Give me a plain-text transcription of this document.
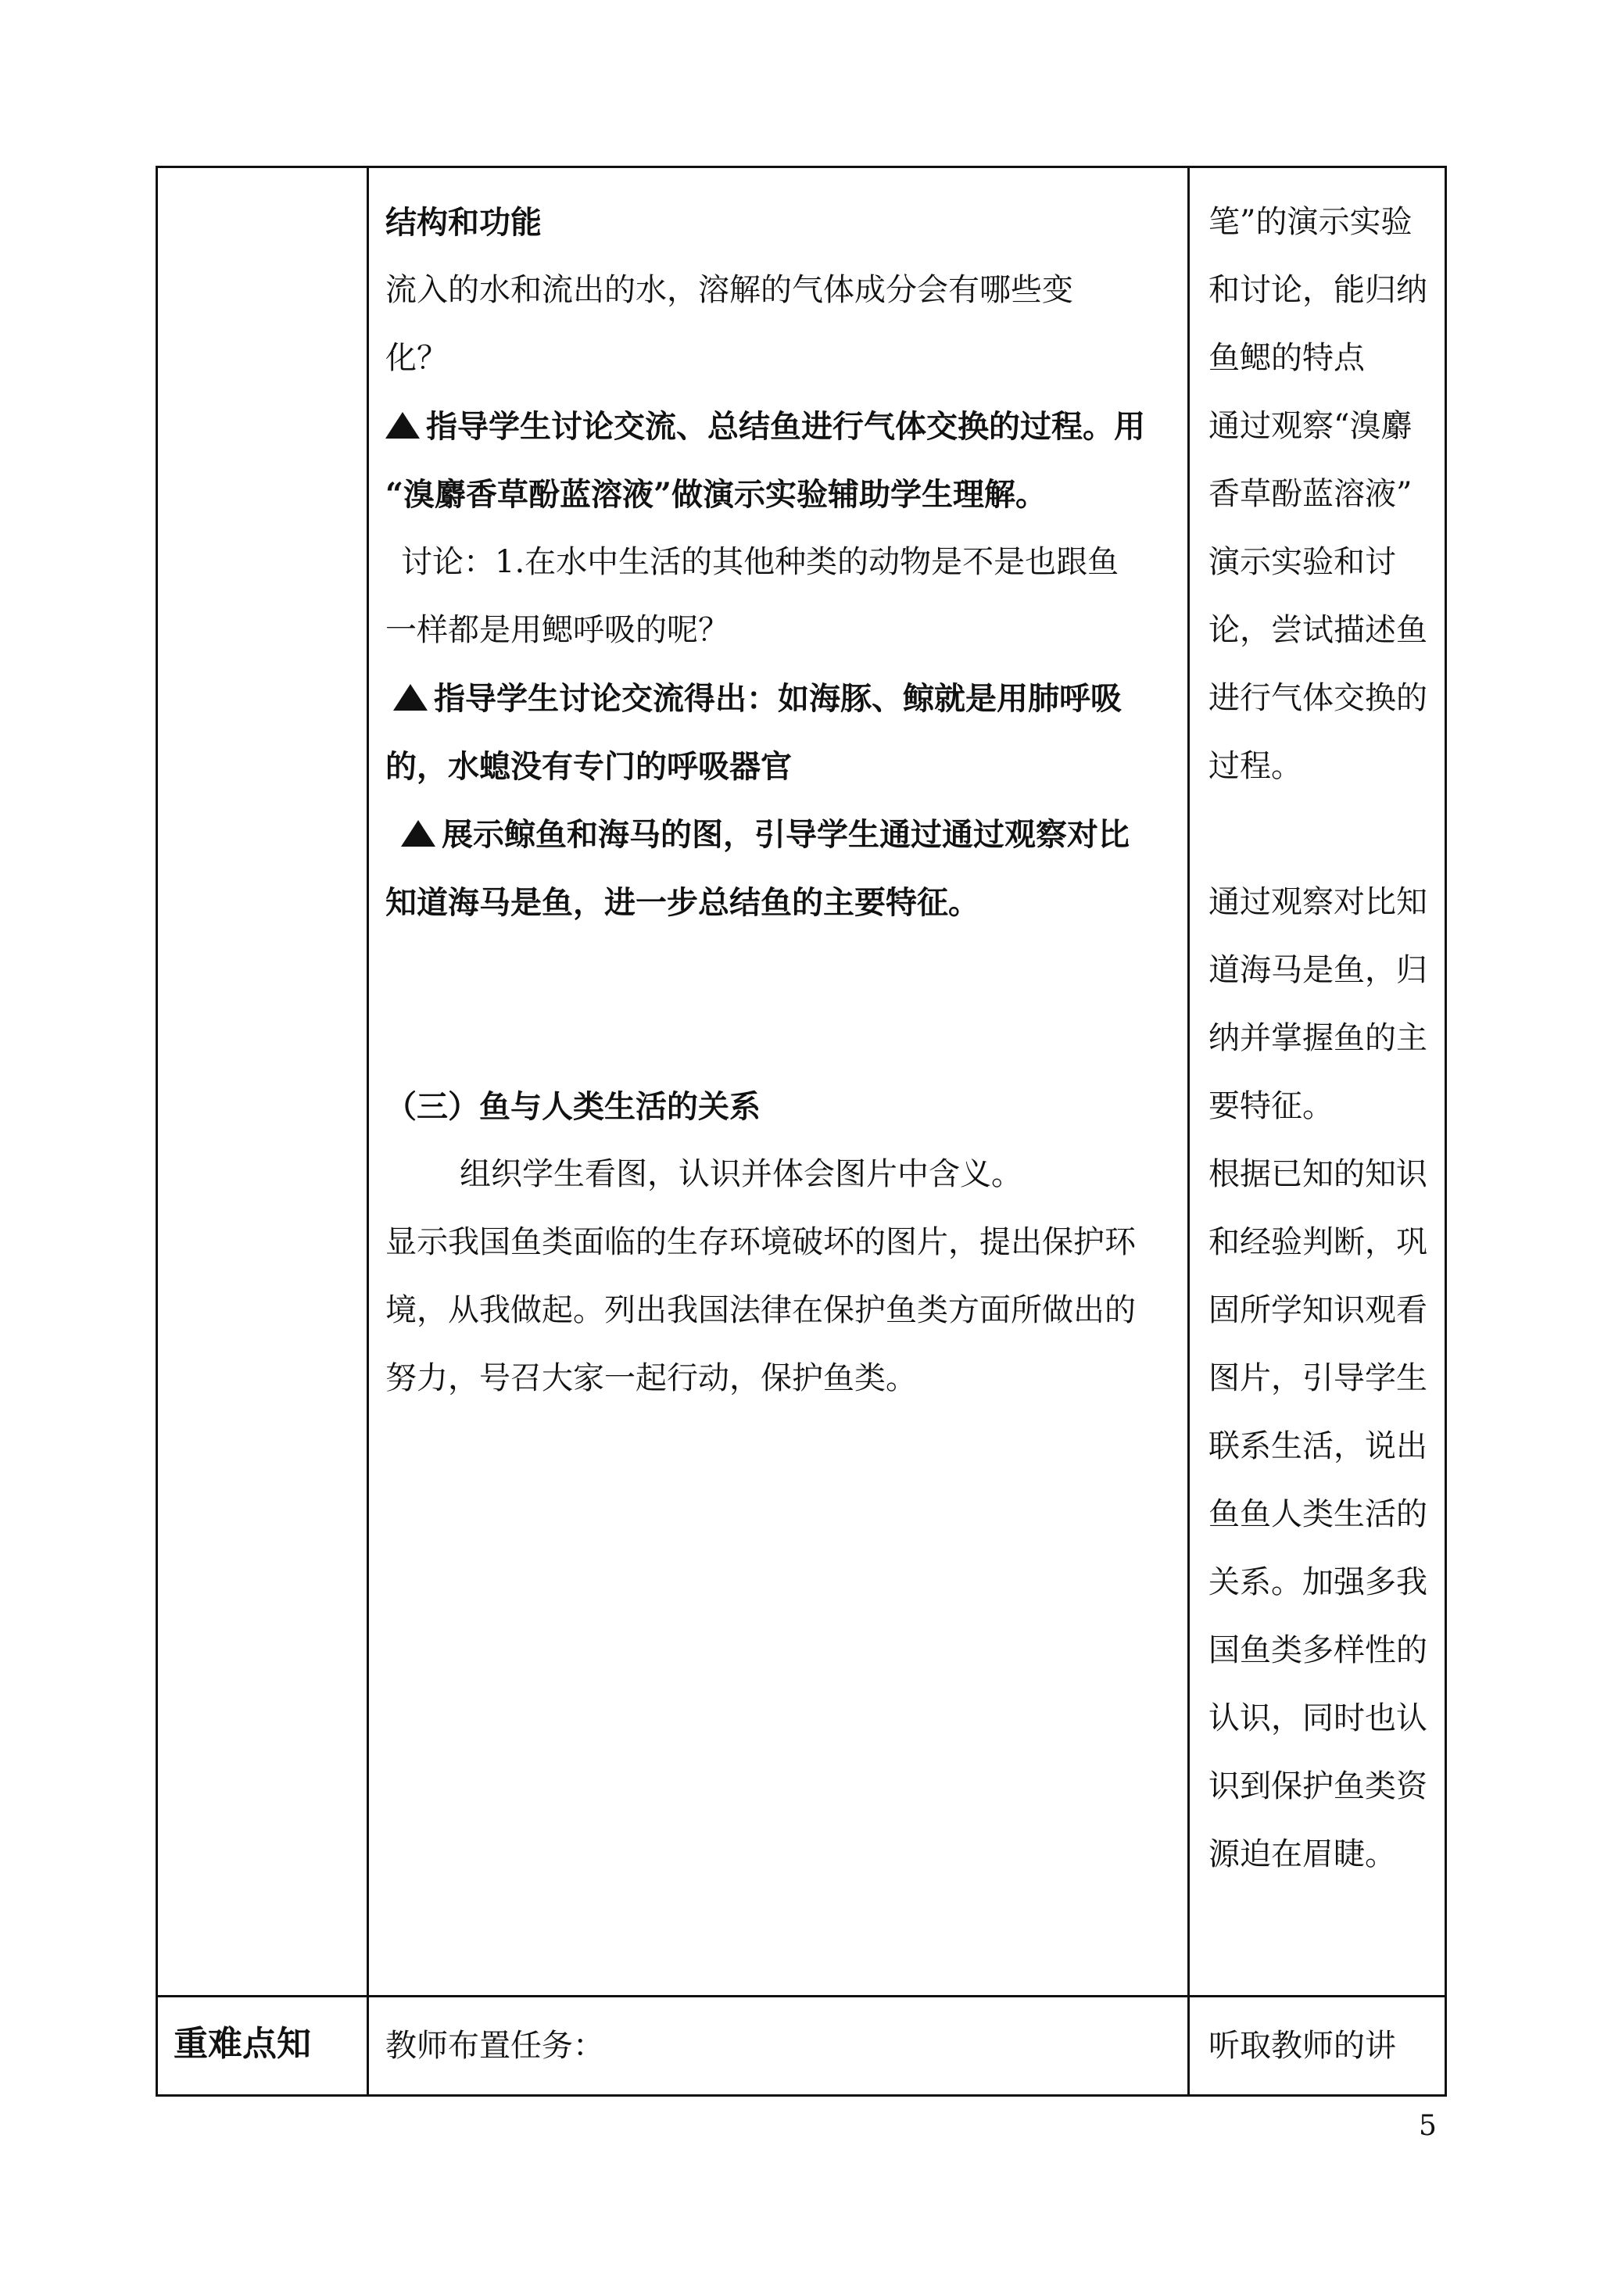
结构和功能
流入的水和流出的水，溶解的气体成分会有哪些变
化？
指导学生讨论交流、总结鱼进行气体交换的过程。用
“溴麝香草酚蓝溶液”做演示实验辅助学生理解。
讨论：1.在水中生活的其他种类的动物是不是也跟鱼
一样都是用鳃呼吸的呢？
指导学生讨论交流得出：如海豚、鲸就是用肺呼吸
的，水螅没有专门的呼吸器官
展示鲸鱼和海马的图，引导学生通过通过观察对比
知道海马是鱼，进一步总结鱼的主要特征。
（三）鱼与人类生活的关系
组织学生看图，认识并体会图片中含义。
显示我国鱼类面临的生存环境破坏的图片，提出保护环
境，从我做起。列出我国法律在保护鱼类方面所做出的
努力，号召大家一起行动，保护鱼类。
笔”的演示实验
和讨论，能归纳
鱼鳃的特点
通过观察“溴麝
香草酚蓝溶液”
演示实验和讨
论，尝试描述鱼
进行气体交换的
过程。
通过观察对比知
道海马是鱼，归
纳并掌握鱼的主
要特征。
根据已知的知识
和经验判断，巩
固所学知识观看
图片，引导学生
联系生活，说出
鱼鱼人类生活的
关系。加强多我
国鱼类多样性的
认识，同时也认
识到保护鱼类资
源迫在眉睫。
重难点知 教师布置任务：	听取教师的讲
5
